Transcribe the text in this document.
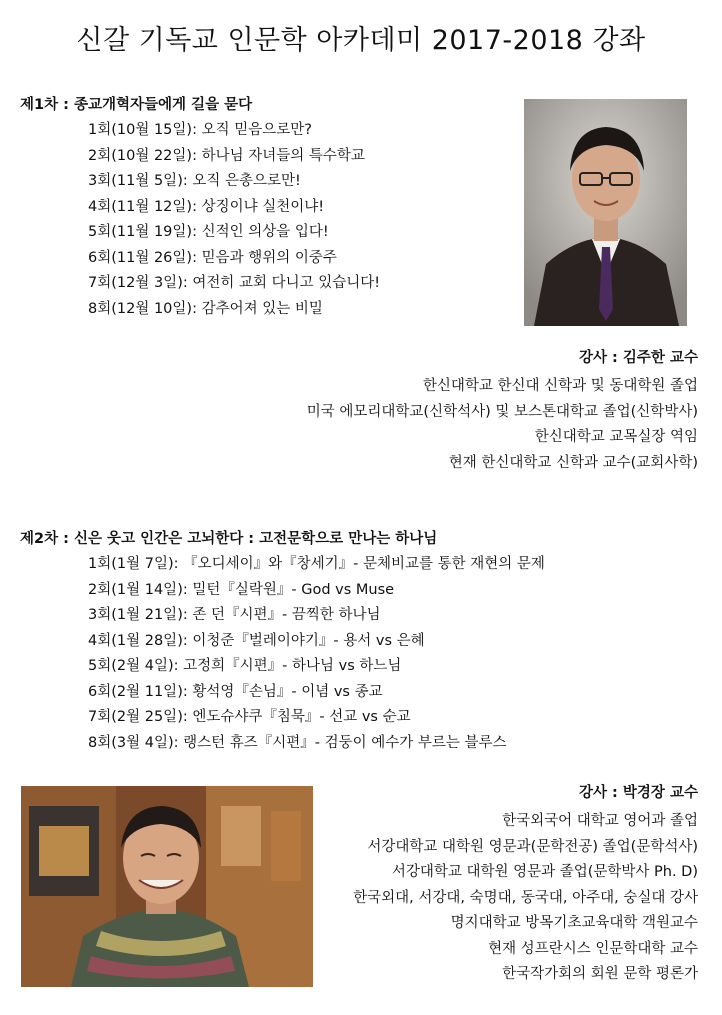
신갈 기독교 인문학 아카데미 2017-2018 강좌
제1차 : 종교개혁자들에게 길을 묻다
1회(10월 15일): 오직 믿음으로만?
2회(10월 22일): 하나님 자녀들의 특수학교
3회(11월 5일): 오직 은총으로만!
4회(11월 12일): 상징이냐 실천이냐!
5회(11월 19일): 신적인 의상을 입다!
6회(11월 26일): 믿음과 행위의 이중주
7회(12월 3일): 여전히 교회 다니고 있습니다!
8회(12월 10일): 감추어져 있는 비밀
강사 : 김주한 교수
한신대학교 한신대 신학과 및 동대학원 졸업
미국 에모리대학교(신학석사) 및 보스톤대학교 졸업(신학박사)
한신대학교 교목실장 역임
현재 한신대학교 신학과 교수(교회사학)
제2차 : 신은 웃고 인간은 고뇌한다 : 고전문학으로 만나는 하나님
1회(1월 7일): 『오디세이』와『창세기』- 문체비교를 통한 재현의 문제
2회(1월 14일): 밀턴『실락원』- God vs Muse
3회(1월 21일): 존 던『시편』- 끔찍한 하나님
4회(1월 28일): 이청준『벌레이야기』- 용서 vs 은혜
5회(2월 4일): 고정희『시편』- 하나님 vs 하느님
6회(2월 11일): 황석영『손님』- 이념 vs 종교
7회(2월 25일): 엔도슈샤쿠『침묵』- 선교 vs 순교
8회(3월 4일): 랭스턴 휴즈『시편』- 검둥이 예수가 부르는 블루스
강사 : 박경장 교수
한국외국어 대학교 영어과 졸업
서강대학교 대학원 영문과(문학전공) 졸업(문학석사)
서강대학교 대학원 영문과 졸업(문학박사 Ph. D)
한국외대, 서강대, 숙명대, 동국대, 아주대, 숭실대 강사
명지대학교 방목기초교육대학 객원교수
현재 성프란시스 인문학대학 교수
한국작가회의 회원 문학 평론가
